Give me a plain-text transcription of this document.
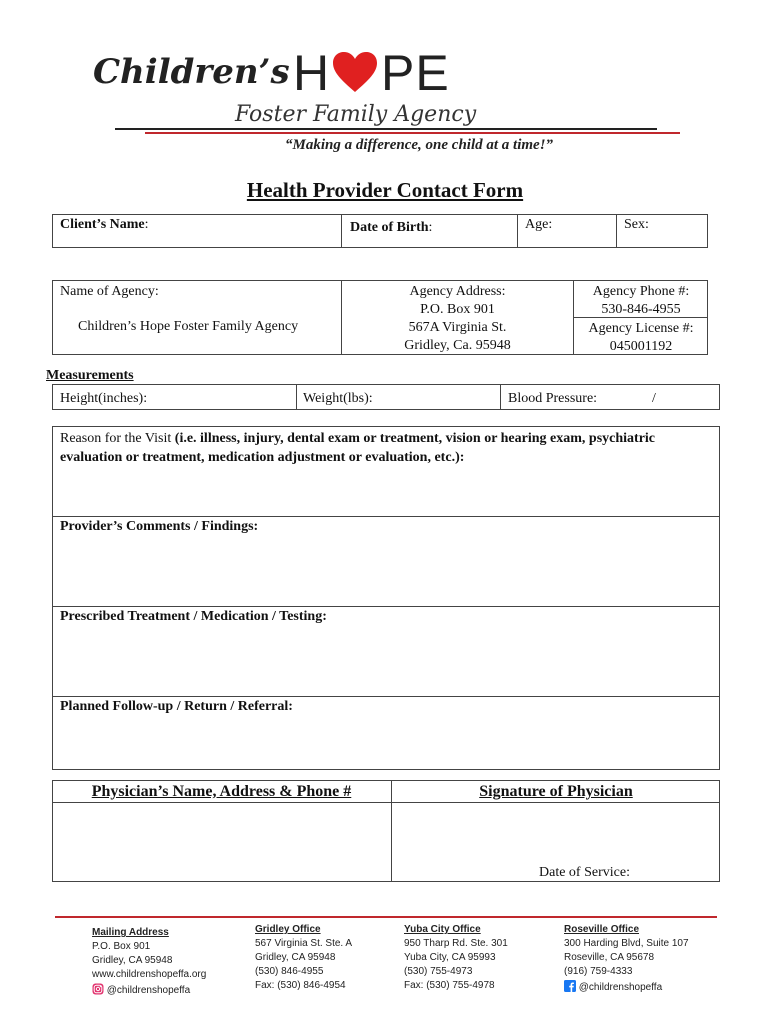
Children’s H PE
Foster Family Agency
“Making a difference, one child at a time!”
Health Provider Contact Form
Client’s Name:	Date of Birth:	Age:	Sex:
Name of Agency:
Children’s Hope Foster Family Agency
Agency Address:
P.O. Box 901
567A Virginia St.
Gridley, Ca. 95948
Agency Phone #:
530-846-4955
Agency License #:
045001192
Measurements
Height(inches):	Weight(lbs):	Blood Pressure:	/
Reason for the Visit (i.e. illness, injury, dental exam or treatment, vision or hearing exam, psychiatric
evaluation or treatment, medication adjustment or evaluation, etc.):
Provider’s Comments / Findings:
Prescribed Treatment / Medication / Testing:
Planned Follow-up / Return / Referral:
Physician’s Name, Address & Phone #	Signature of Physician
Date of Service:
Mailing Address
P.O. Box 901
Gridley, CA 95948
www.childrenshopeffa.org
@childrenshopeffa
Gridley Office
567 Virginia St. Ste. A
Gridley, CA 95948
(530) 846-4955
Fax: (530) 846-4954
Yuba City Office
950 Tharp Rd. Ste. 301
Yuba City, CA 95993
(530) 755-4973
Fax: (530) 755-4978
Roseville Office
300 Harding Blvd, Suite 107
Roseville, CA 95678
(916) 759-4333
@childrenshopeffa
